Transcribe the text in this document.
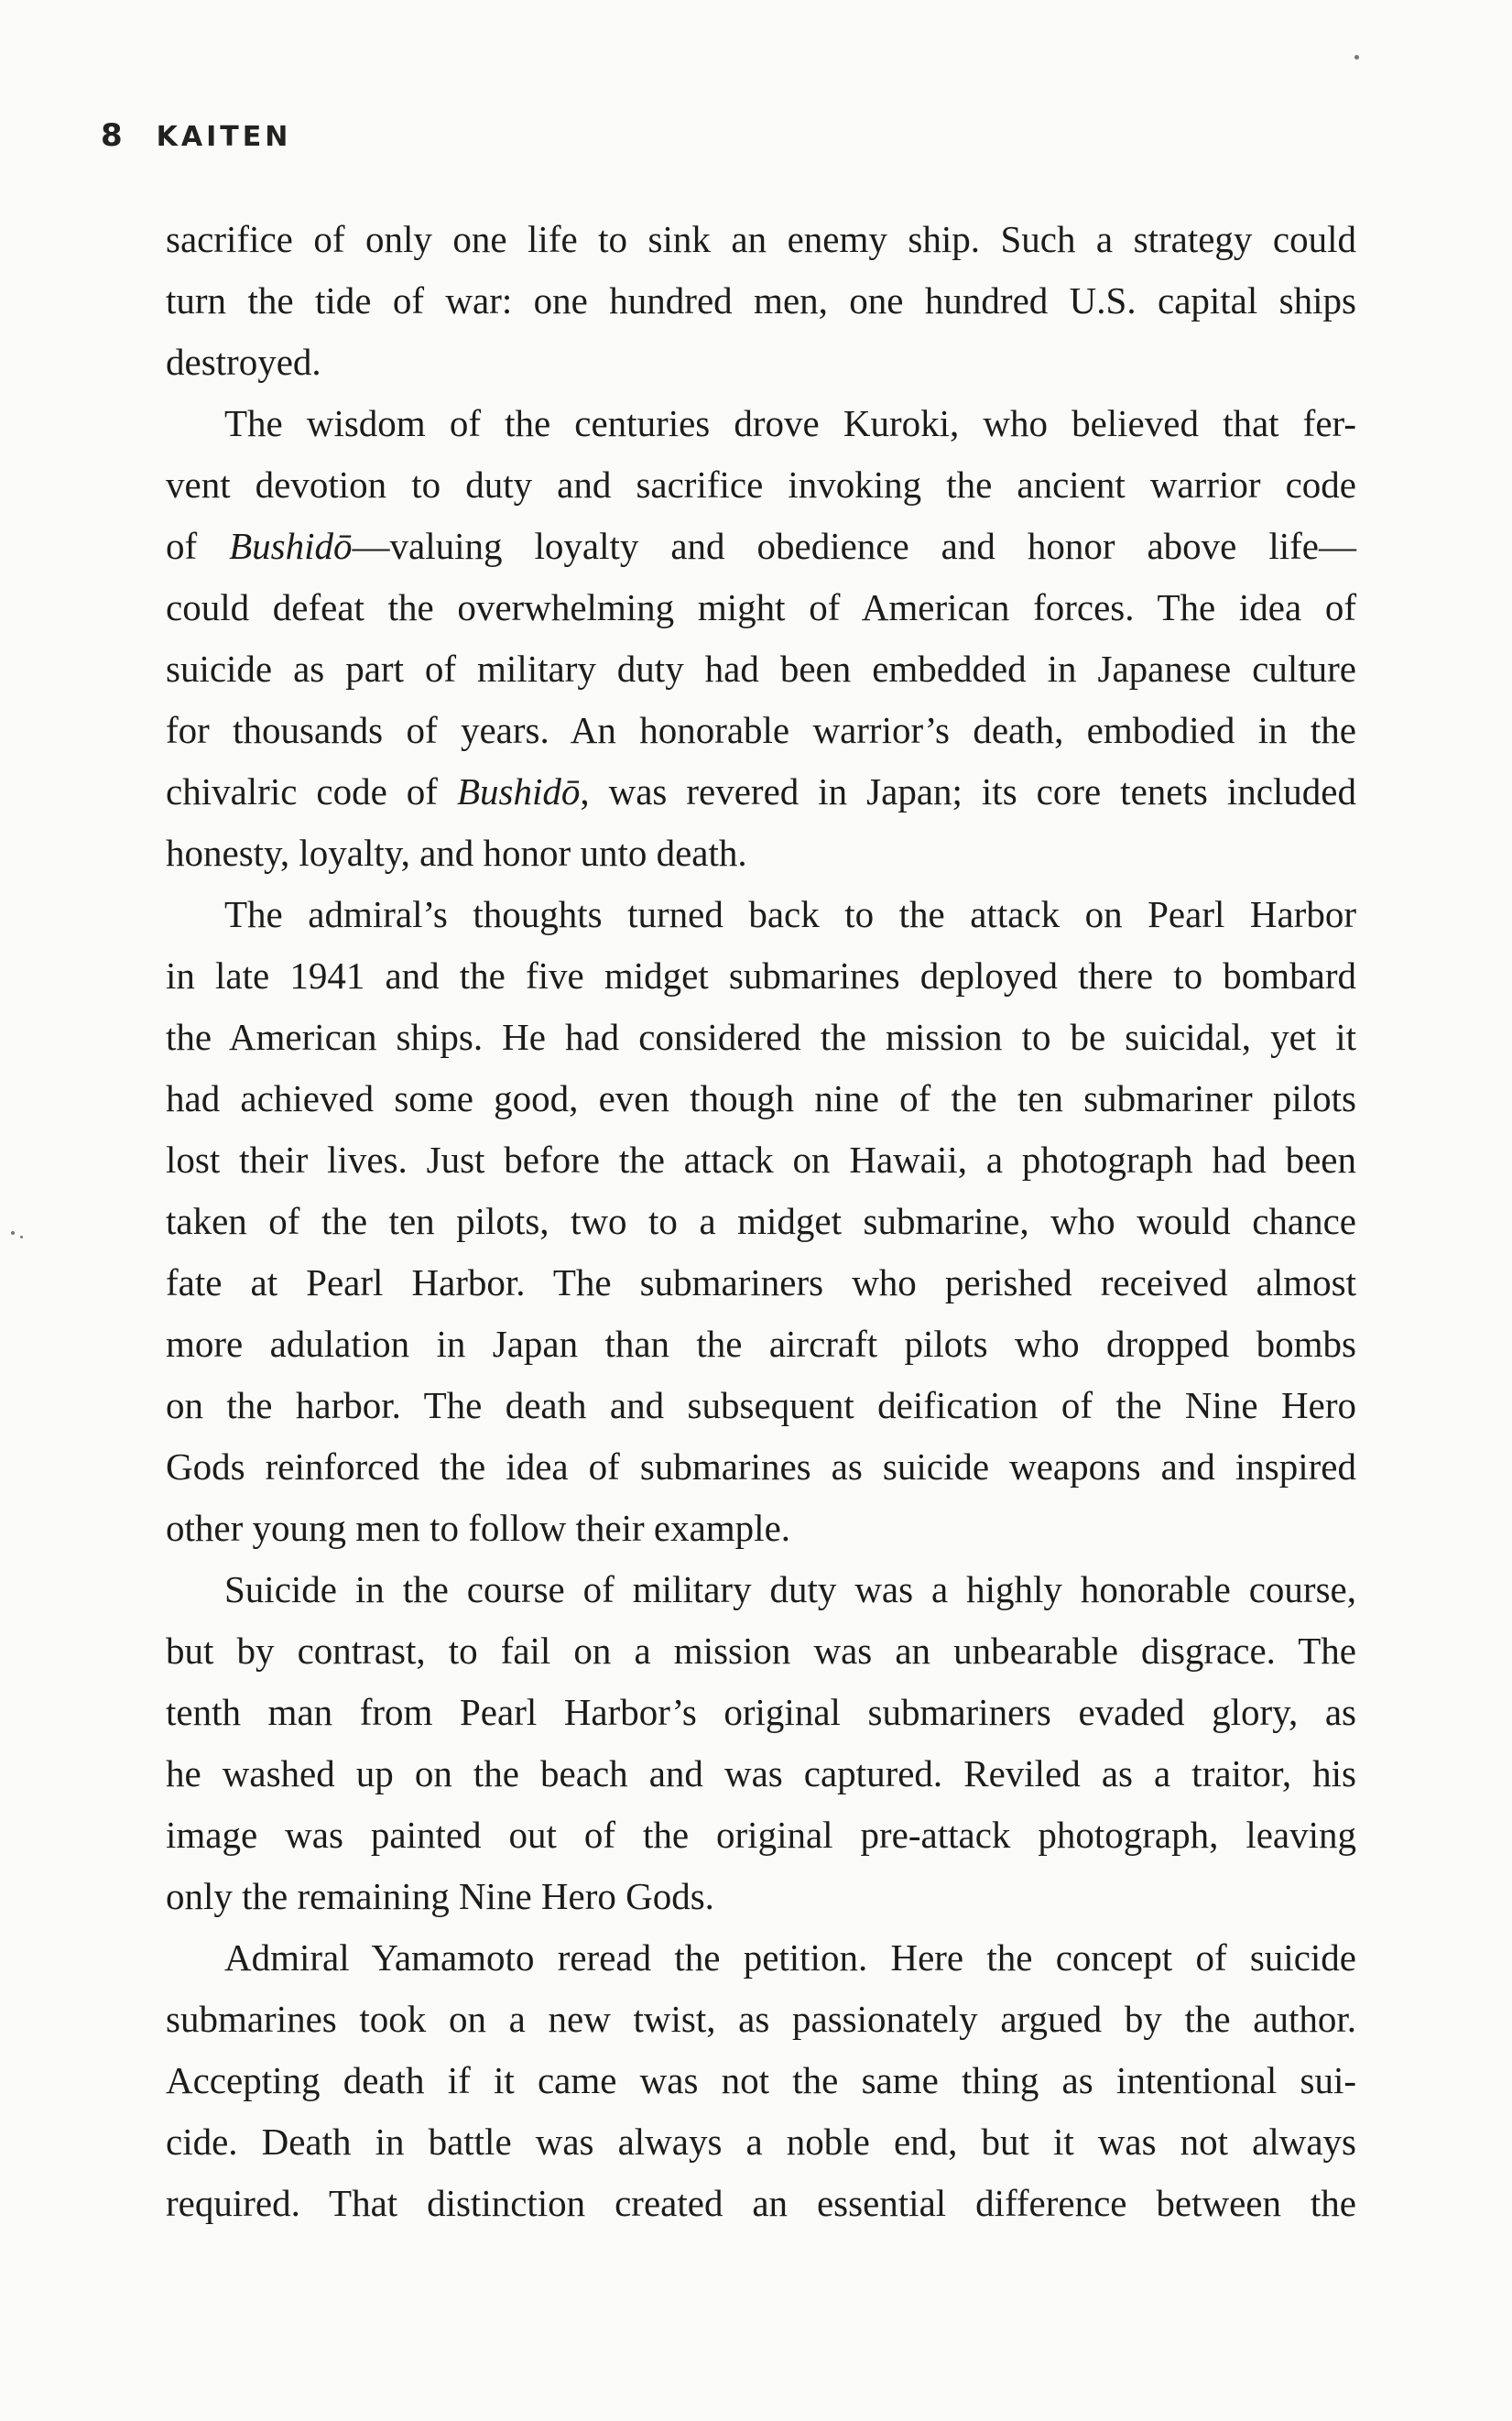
8 KAITEN
sacrifice of only one life to sink an enemy ship. Such a strategy could
turn the tide of war: one hundred men, one hundred U.S. capital ships
destroyed.
The wisdom of the centuries drove Kuroki, who believed that fer-
vent devotion to duty and sacrifice invoking the ancient warrior code
of Bushidō—valuing loyalty and obedience and honor above life—
could defeat the overwhelming might of American forces. The idea of
suicide as part of military duty had been embedded in Japanese culture
for thousands of years. An honorable warrior’s death, embodied in the
chivalric code of Bushidō, was revered in Japan; its core tenets included
honesty, loyalty, and honor unto death.
The admiral’s thoughts turned back to the attack on Pearl Harbor
in late 1941 and the five midget submarines deployed there to bombard
the American ships. He had considered the mission to be suicidal, yet it
had achieved some good, even though nine of the ten submariner pilots
lost their lives. Just before the attack on Hawaii, a photograph had been
taken of the ten pilots, two to a midget submarine, who would chance
fate at Pearl Harbor. The submariners who perished received almost
more adulation in Japan than the aircraft pilots who dropped bombs
on the harbor. The death and subsequent deification of the Nine Hero
Gods reinforced the idea of submarines as suicide weapons and inspired
other young men to follow their example.
Suicide in the course of military duty was a highly honorable course,
but by contrast, to fail on a mission was an unbearable disgrace. The
tenth man from Pearl Harbor’s original submariners evaded glory, as
he washed up on the beach and was captured. Reviled as a traitor, his
image was painted out of the original pre-attack photograph, leaving
only the remaining Nine Hero Gods.
Admiral Yamamoto reread the petition. Here the concept of suicide
submarines took on a new twist, as passionately argued by the author.
Accepting death if it came was not the same thing as intentional sui-
cide. Death in battle was always a noble end, but it was not always
required. That distinction created an essential difference between the
